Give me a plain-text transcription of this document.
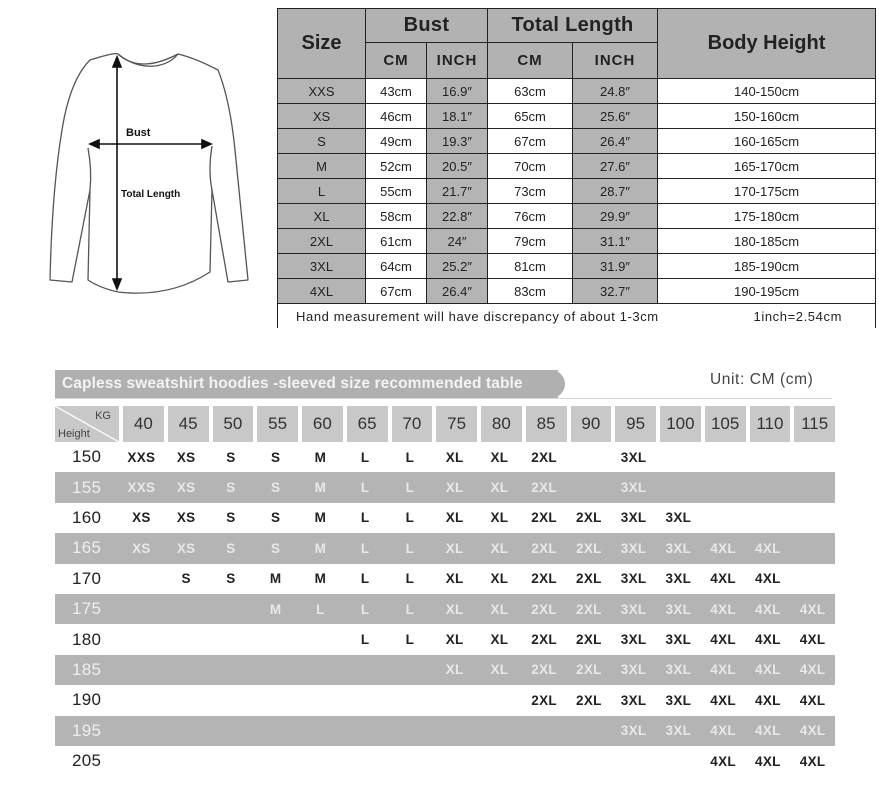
Bust
Total Length
Size	Bust		Total Length		Body Height
	CM	INCH	CM	INCH	
XXS	43cm	16.9″	63cm	24.8″	140-150cm
XS	46cm	18.1″	65cm	25.6″	150-160cm
S	49cm	19.3″	67cm	26.4″	160-165cm
M	52cm	20.5″	70cm	27.6″	165-170cm
L	55cm	21.7″	73cm	28.7″	170-175cm
XL	58cm	22.8″	76cm	29.9″	175-180cm
2XL	61cm	24″	79cm	31.1″	180-185cm
3XL	64cm	25.2″	81cm	31.9″	185-190cm
4XL	67cm	26.4″	83cm	32.7″	190-195cm
Hand measurement will have discrepancy of about 1-3cm 1inch=2.54cm					
Capless sweatshirt hoodies -sleeved size recommended table	Unit: CM (cm)
KG
Height	40	45	50	55	60	65	70	75	80	85	90	95	100	105	110	115
150	XXS	XS	S	S	M	L	L	XL	XL	2XL		3XL				
155	XXS	XS	S	S	M	L	L	XL	XL	2XL		3XL				
160	XS	XS	S	S	M	L	L	XL	XL	2XL	2XL	3XL	3XL			
165	XS	XS	S	S	M	L	L	XL	XL	2XL	2XL	3XL	3XL	4XL	4XL	
170		S	S	M	M	L	L	XL	XL	2XL	2XL	3XL	3XL	4XL	4XL	
175				M	L	L	L	XL	XL	2XL	2XL	3XL	3XL	4XL	4XL	4XL
180						L	L	XL	XL	2XL	2XL	3XL	3XL	4XL	4XL	4XL
185								XL	XL	2XL	2XL	3XL	3XL	4XL	4XL	4XL
190										2XL	2XL	3XL	3XL	4XL	4XL	4XL
195												3XL	3XL	4XL	4XL	4XL
205														4XL	4XL	4XL
